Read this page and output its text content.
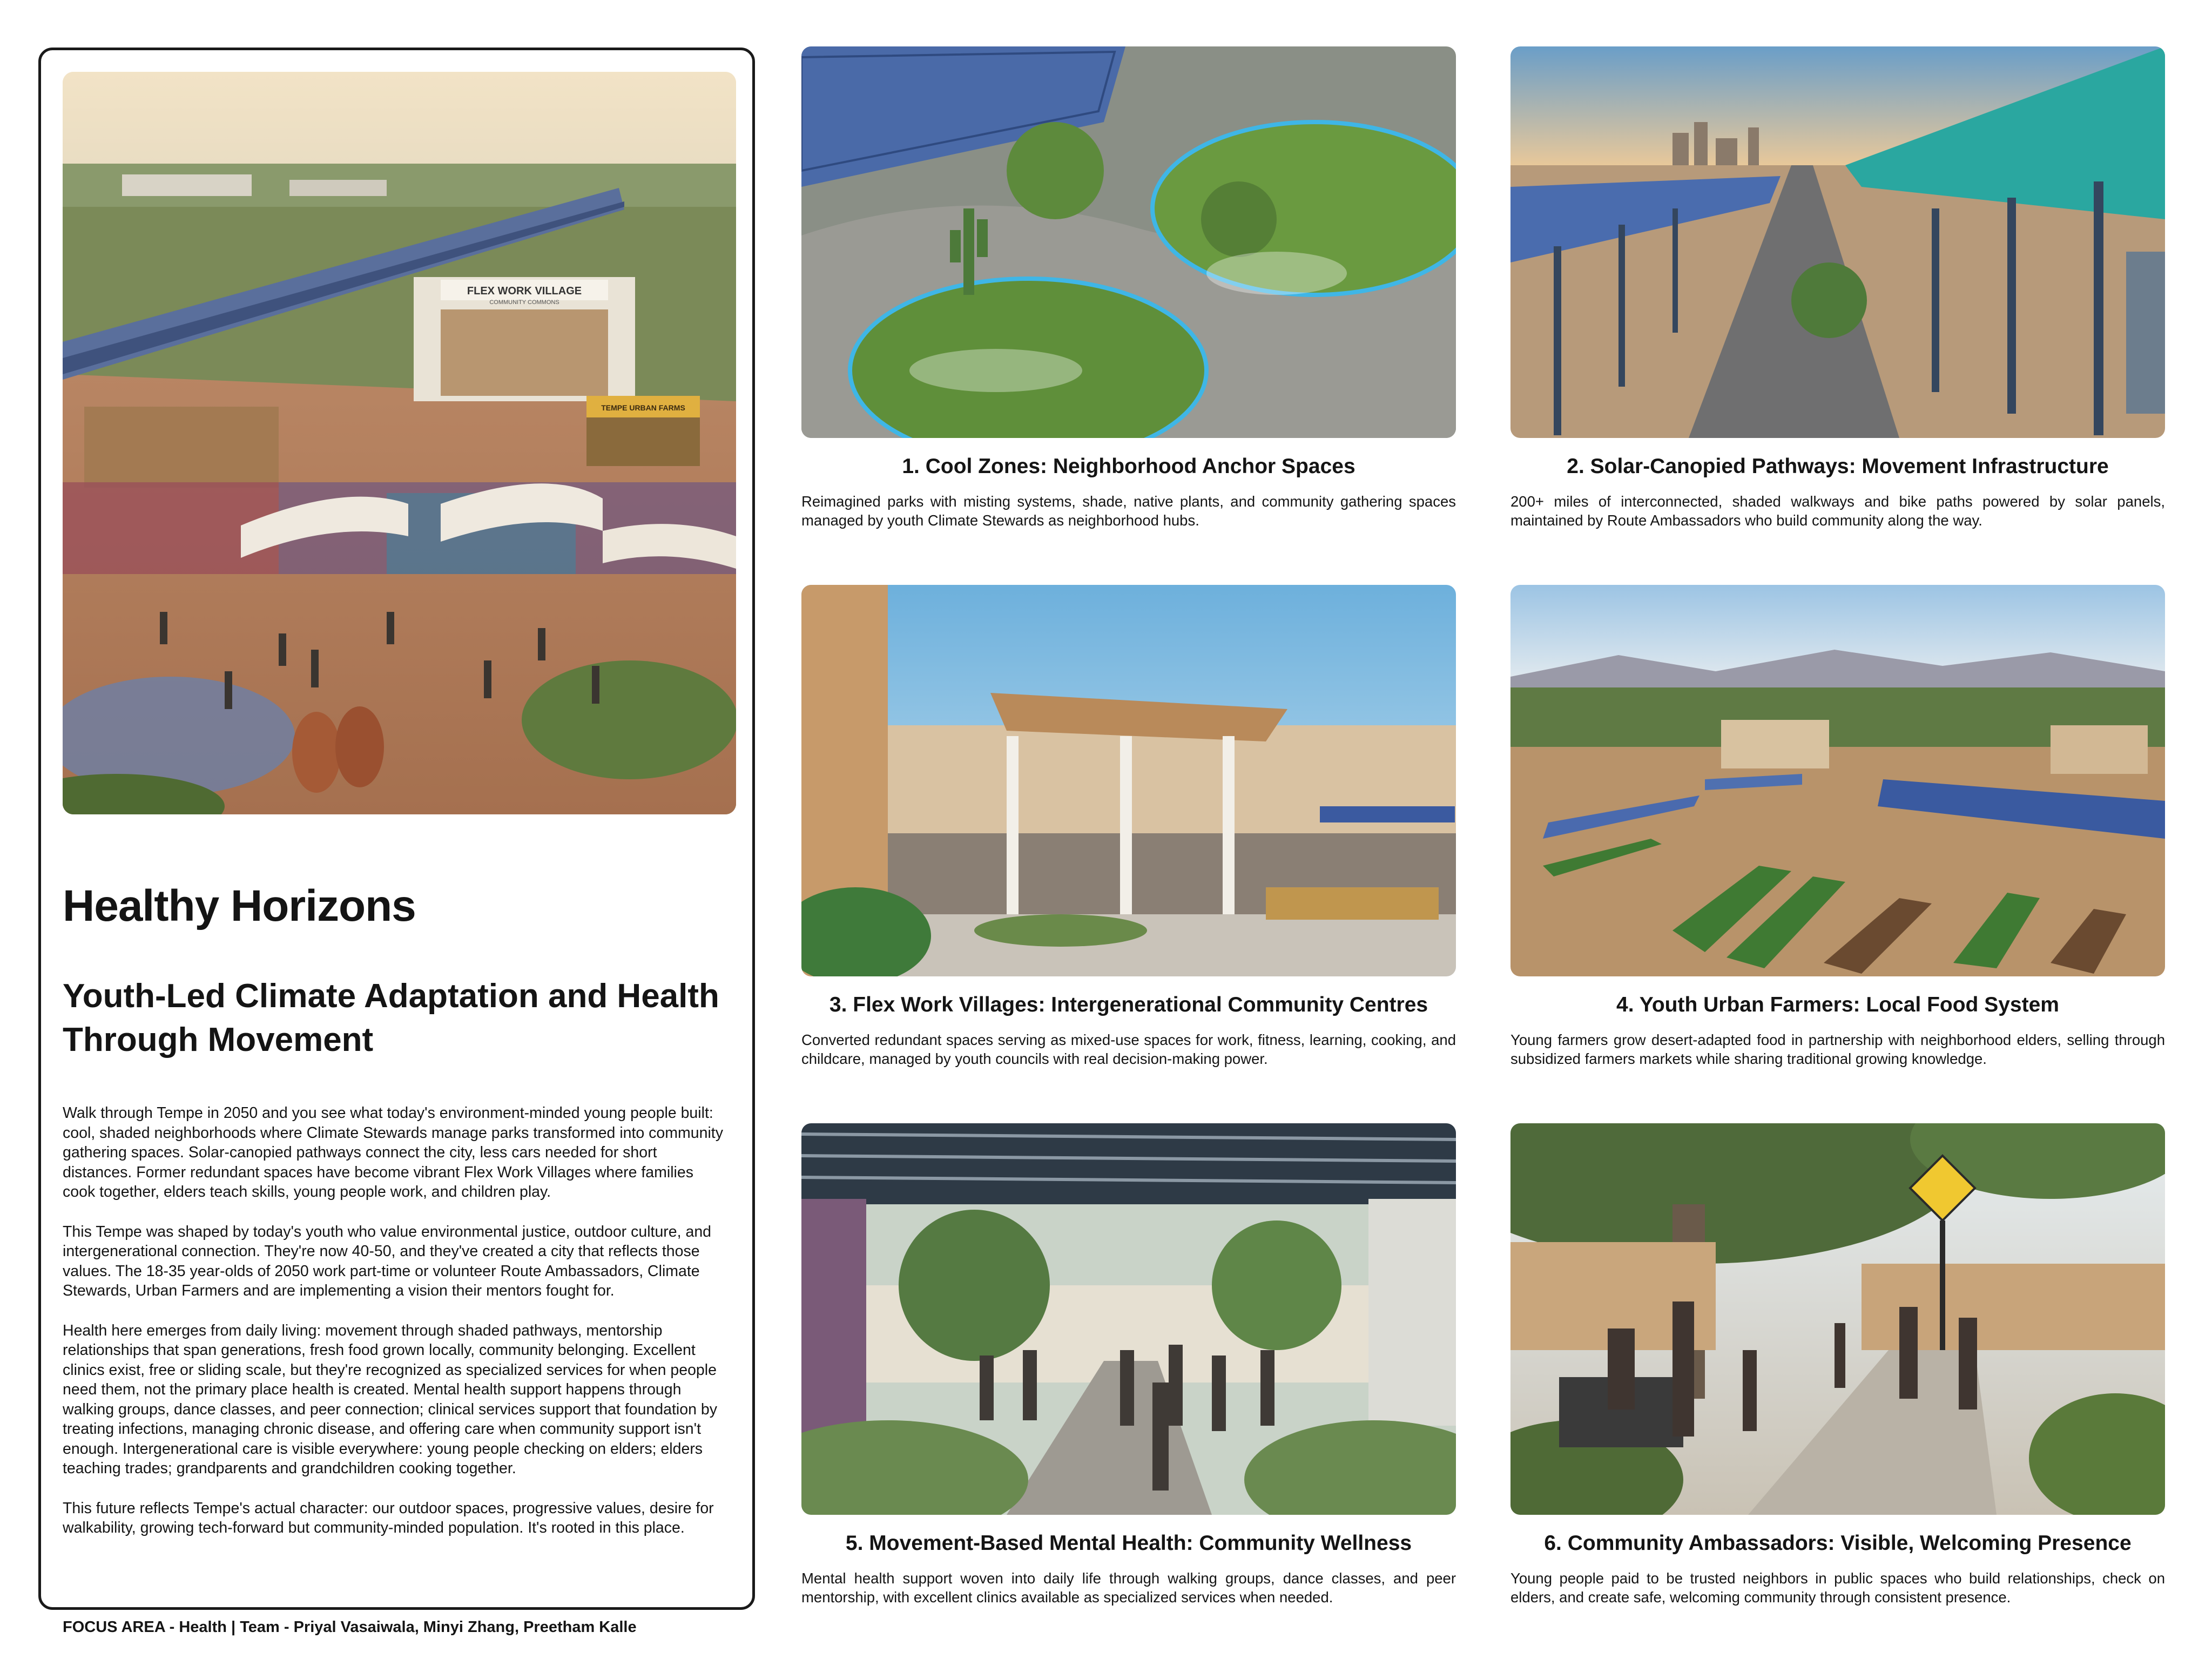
FLEX WORK VILLAGE
COMMUNITY COMMONS
TEMPE URBAN FARMS
Healthy Horizons
Youth-Led Climate Adaptation and Health Through Movement

Walk through Tempe in 2050 and you see what today's environment-minded young people built: cool, shaded neighborhoods where Climate Stewards manage parks transformed into community gathering spaces. Solar-canopied pathways connect the city, less cars needed for short distances. Former redundant spaces have become vibrant Flex Work Villages where families cook together, elders teach skills, young people work, and children play.

This Tempe was shaped by today's youth who value environmental justice, outdoor culture, and intergenerational connection. They're now 40-50, and they've created a city that reflects those values. The 18-35 year-olds of 2050 work part-time or volunteer Route Ambassadors, Climate Stewards, Urban Farmers and are implementing a vision their mentors fought for.

Health here emerges from daily living: movement through shaded pathways, mentorship relationships that span generations, fresh food grown locally, community belonging. Excellent clinics exist, free or sliding scale, but they're recognized as specialized services for when people need them, not the primary place health is created. Mental health support happens through walking groups, dance classes, and peer connection; clinical services support that foundation by treating infections, managing chronic disease, and offering care when community support isn't enough. Intergenerational care is visible everywhere: young people checking on elders; elders teaching trades; grandparents and grandchildren cooking together.

This future reflects Tempe's actual character: our outdoor spaces, progressive values, desire for walkability, growing tech-forward but community-minded population. It's rooted in this place.

FOCUS AREA - Health | Team - Priyal Vasaiwala, Minyi Zhang, Preetham Kalle
1. Cool Zones: Neighborhood Anchor Spaces

Reimagined parks with misting systems, shade, native plants, and community gathering spaces managed by youth Climate Stewards as neighborhood hubs.

2. Solar-Canopied Pathways: Movement Infrastructure

200+ miles of interconnected, shaded walkways and bike paths powered by solar panels, maintained by Route Ambassadors who build community along the way.

3. Flex Work Villages: Intergenerational Community Centres

Converted redundant spaces serving as mixed-use spaces for work, fitness, learning, cooking, and childcare, managed by youth councils with real decision-making power.

4. Youth Urban Farmers: Local Food System

Young farmers grow desert-adapted food in partnership with neighborhood elders, selling through subsidized farmers markets while sharing traditional growing knowledge.

5. Movement-Based Mental Health: Community Wellness

Mental health support woven into daily life through walking groups, dance classes, and peer mentorship, with excellent clinics available as specialized services when needed.

6. Community Ambassadors: Visible, Welcoming Presence

Young people paid to be trusted neighbors in public spaces who build relationships, check on elders, and create safe, welcoming community through consistent presence.
